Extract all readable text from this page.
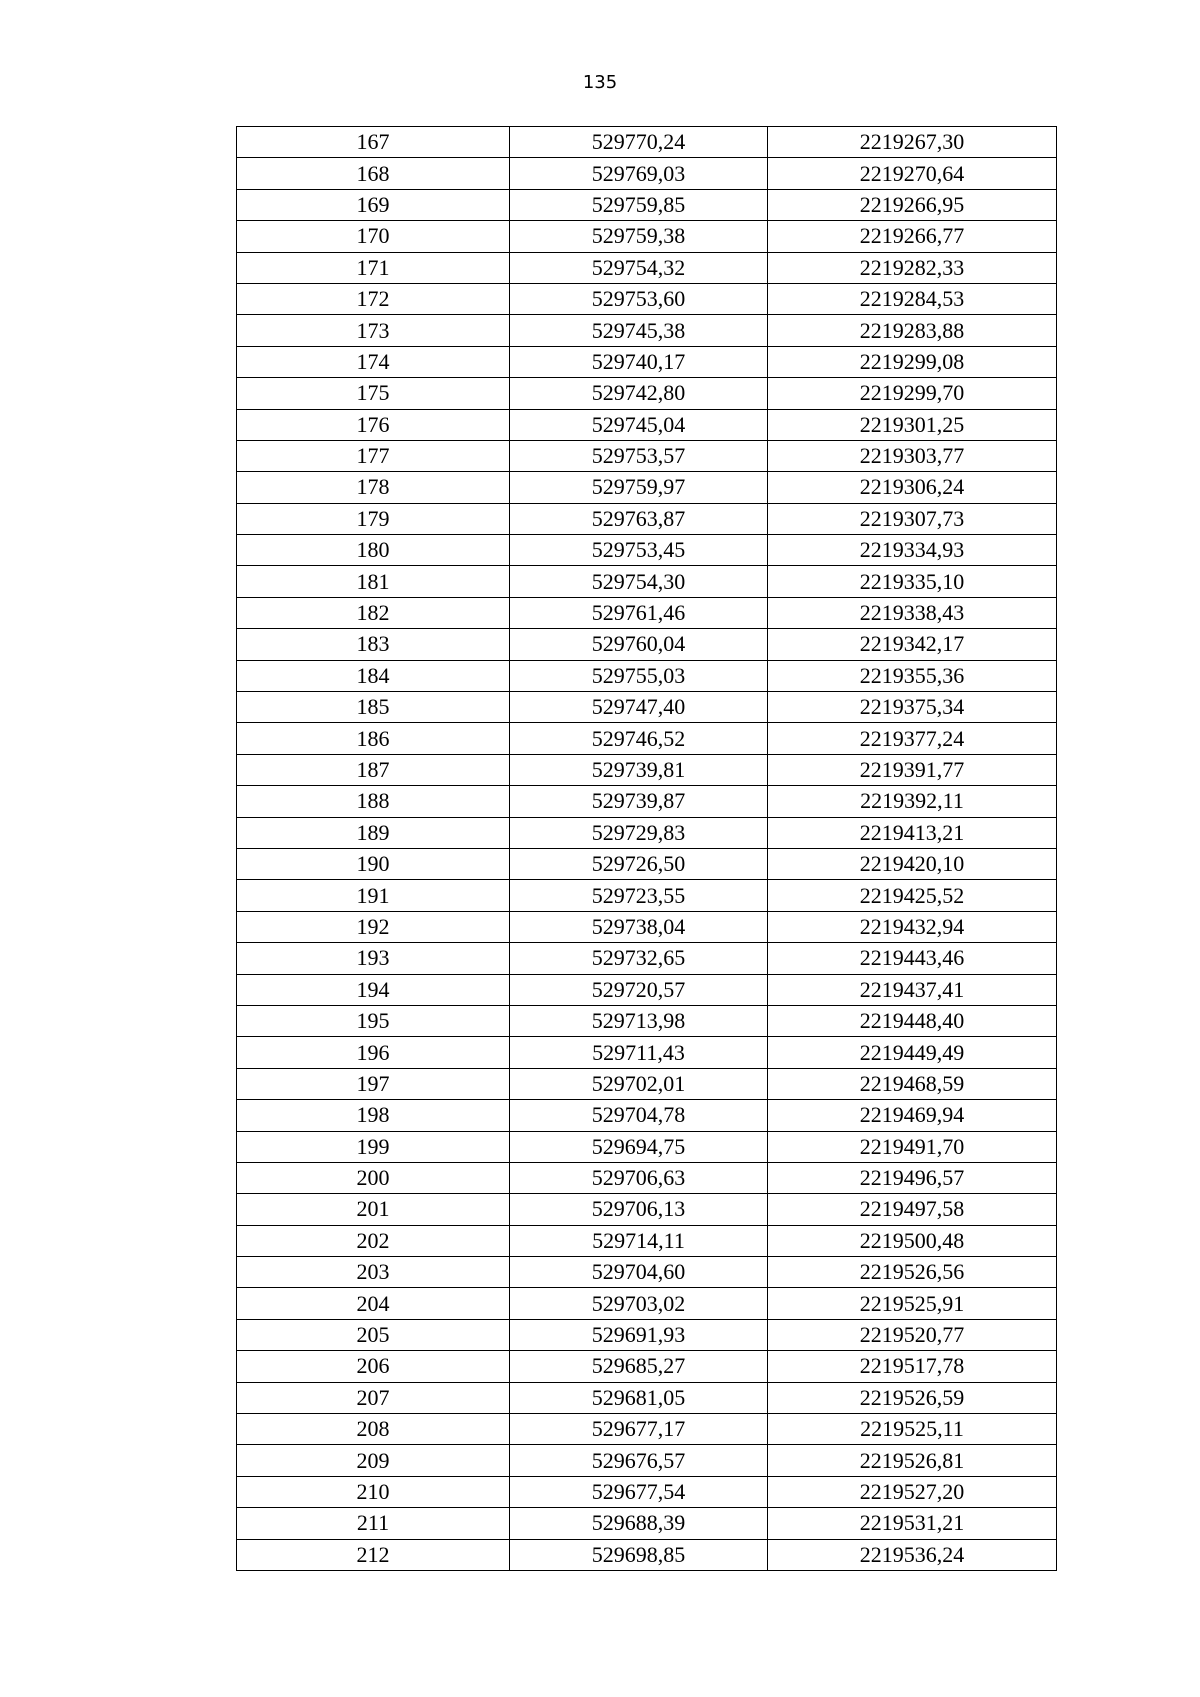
135
167	529770,24	2219267,30
168	529769,03	2219270,64
169	529759,85	2219266,95
170	529759,38	2219266,77
171	529754,32	2219282,33
172	529753,60	2219284,53
173	529745,38	2219283,88
174	529740,17	2219299,08
175	529742,80	2219299,70
176	529745,04	2219301,25
177	529753,57	2219303,77
178	529759,97	2219306,24
179	529763,87	2219307,73
180	529753,45	2219334,93
181	529754,30	2219335,10
182	529761,46	2219338,43
183	529760,04	2219342,17
184	529755,03	2219355,36
185	529747,40	2219375,34
186	529746,52	2219377,24
187	529739,81	2219391,77
188	529739,87	2219392,11
189	529729,83	2219413,21
190	529726,50	2219420,10
191	529723,55	2219425,52
192	529738,04	2219432,94
193	529732,65	2219443,46
194	529720,57	2219437,41
195	529713,98	2219448,40
196	529711,43	2219449,49
197	529702,01	2219468,59
198	529704,78	2219469,94
199	529694,75	2219491,70
200	529706,63	2219496,57
201	529706,13	2219497,58
202	529714,11	2219500,48
203	529704,60	2219526,56
204	529703,02	2219525,91
205	529691,93	2219520,77
206	529685,27	2219517,78
207	529681,05	2219526,59
208	529677,17	2219525,11
209	529676,57	2219526,81
210	529677,54	2219527,20
211	529688,39	2219531,21
212	529698,85	2219536,24
